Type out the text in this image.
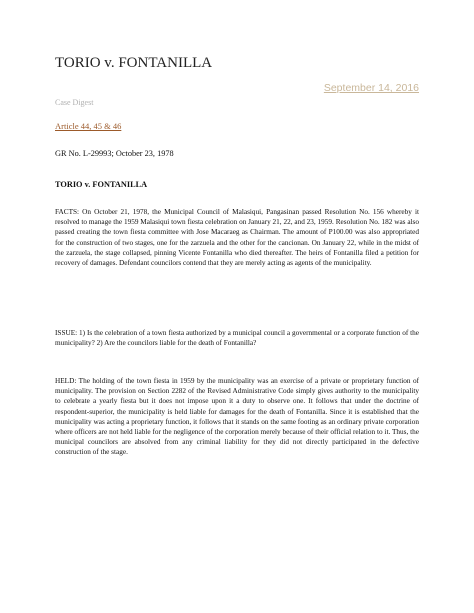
TORIO v. FONTANILLA
September 14, 2016
Case Digest
Article 44, 45 & 46
GR No. L-29993; October 23, 1978
TORIO v. FONTANILLA

FACTS: On October 21, 1978, the Municipal Council of Malasiqui, Pangasinan passed Resolution No. 156 whereby it resolved to manage the 1959 Malasiqui town fiesta celebration on January 21, 22, and 23, 1959. Resolution No. 182 was also passed creating the town fiesta committee with Jose Macaraeg as Chairman. The amount of P100.00 was also appropriated for the construction of two stages, one for the zarzuela and the other for the cancionan. On January 22, while in the midst of the zarzuela, the stage collapsed, pinning Vicente Fontanilla who died thereafter. The heirs of Fontanilla filed a petition for recovery of damages. Defendant councilors contend that they are merely acting as agents of the municipality.

ISSUE: 1) Is the celebration of a town fiesta authorized by a municipal council a governmental or a corporate function of the municipality? 2) Are the councilors liable for the death of Fontanilla?

HELD: The holding of the town fiesta in 1959 by the municipality was an exercise of a private or proprietary function of municipality. The provision on Section 2282 of the Revised Administrative Code simply gives authority to the municipality to celebrate a yearly fiesta but it does not impose upon it a duty to observe one. It follows that under the doctrine of respondent-superior, the municipality is held liable for damages for the death of Fontanilla. Since it is established that the municipality was acting a proprietary function, it follows that it stands on the same footing as an ordinary private corporation where officers are not held liable for the negligence of the corporation merely because of their official relation to it. Thus, the municipal councilors are absolved from any criminal liability for they did not directly participated in the defective construction of the stage.
